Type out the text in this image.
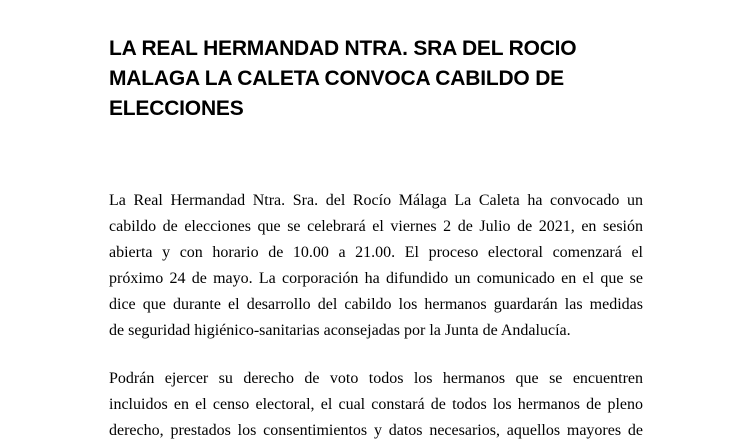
LA REAL HERMANDAD NTRA. SRA DEL ROCIO
MALAGA LA CALETA CONVOCA CABILDO DE
ELECCIONES
La Real Hermandad Ntra. Sra. del Rocío Málaga La Caleta ha convocado un
cabildo de elecciones que se celebrará el viernes 2 de Julio de 2021, en sesión
abierta y con horario de 10.00 a 21.00. El proceso electoral comenzará el
próximo 24 de mayo. La corporación ha difundido un comunicado en el que se
dice que durante el desarrollo del cabildo los hermanos guardarán las medidas
de seguridad higiénico-sanitarias aconsejadas por la Junta de Andalucía.
Podrán ejercer su derecho de voto todos los hermanos que se encuentren
incluidos en el censo electoral, el cual constará de todos los hermanos de pleno
derecho, prestados los consentimientos y datos necesarios, aquellos mayores de
